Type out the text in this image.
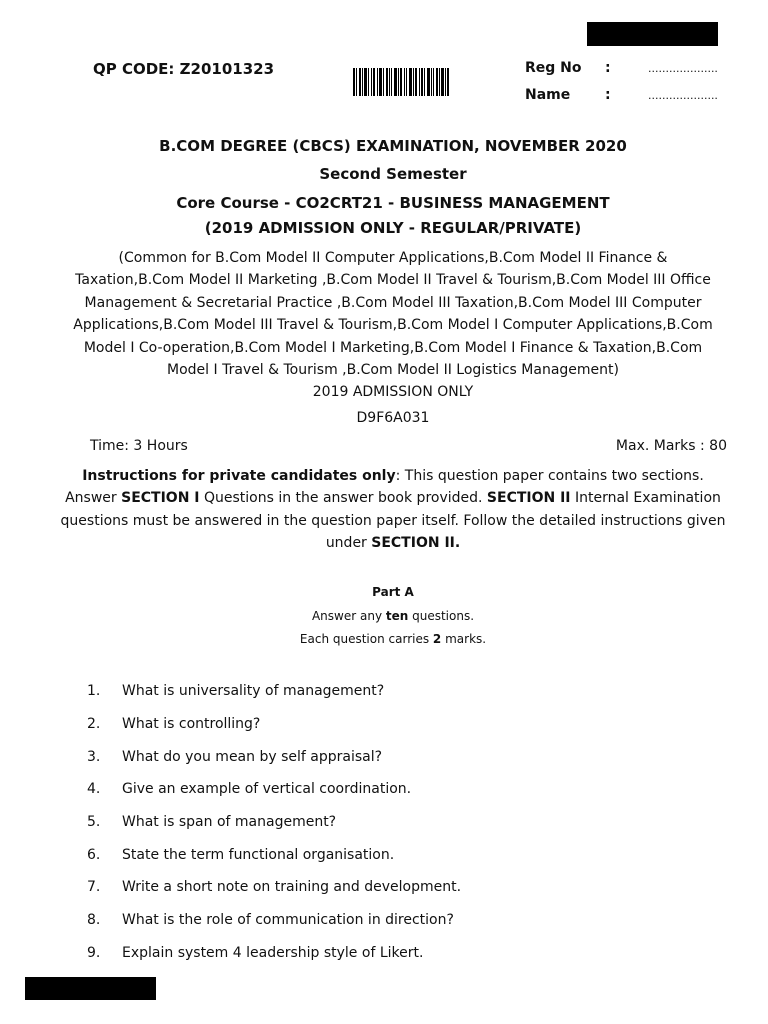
QP CODE: Z20101323	Reg No :	....................
Name :	....................
B.COM DEGREE (CBCS) EXAMINATION, NOVEMBER 2020
Second Semester
Core Course - CO2CRT21 - BUSINESS MANAGEMENT
(2019 ADMISSION ONLY - REGULAR/PRIVATE)
(Common for B.Com Model II Computer Applications,B.Com Model II Finance & Taxation,B.Com Model II Marketing ,B.Com Model II Travel & Tourism,B.Com Model III Office Management & Secretarial Practice ,B.Com Model III Taxation,B.Com Model III Computer Applications,B.Com Model III Travel & Tourism,B.Com Model I Computer Applications,B.Com Model I Co-operation,B.Com Model I Marketing,B.Com Model I Finance & Taxation,B.Com Model I Travel & Tourism ,B.Com Model II Logistics Management)
2019 ADMISSION ONLY
D9F6A031
Time: 3 Hours	Max. Marks : 80
Instructions for private candidates only: This question paper contains two sections. Answer SECTION I Questions in the answer book provided. SECTION II Internal Examination questions must be answered in the question paper itself. Follow the detailed instructions given under SECTION II.
Part A
Answer any ten questions.
Each question carries 2 marks.
1. What is universality of management?
2. What is controlling?
3. What do you mean by self appraisal?
4. Give an example of vertical coordination.
5. What is span of management?
6. State the term functional organisation.
7. Write a short note on training and development.
8. What is the role of communication in direction?
9. Explain system 4 leadership style of Likert.
